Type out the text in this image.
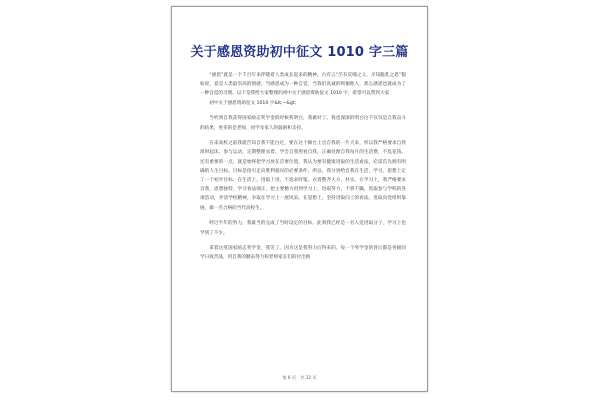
关于感恩资助初中征文 1010 字三篇

“感恩”就是一个千百年来伴随着人类成长起来的精神。古有云“羔有反哺之义，羊知跪乳之恩”假如说，爱是人类最崇高的情感，当感恩成为一种自觉，当我们真诚的鸣谢他人，那么感恩也就成为了一种自觉的习惯。以下是我给大家整理的初中关于感恩资助征文 1010 字，希望可以帮到大家

初中关于感恩资助征文 1010 字&lt;~&gt;

当听到自我获得国家励志奖学金的时候我明白，我做对了。我也深深的明白这不仅仅是自我奋斗的结果，更多的是老师，同学及家人的鼓励和支持。

在来高校之前我就告知自我不能白过，要在这个舞台上出自我的一片天来，所以我严格要求自我准时起床、参与运动，定期整理衣着、学会自我照看自我，正确处理自我每月的生活费，不乱花钱。还有重要的一点，就是始终把学习放在首要位置，我认为要有健康进取的生活看法，必需首先拥有明确的人生目标。目标是指引走向胜利彼岸的必要条件。所以，我分别给自我在生活，学习，思想上定了一个初步目标。在生活上，进取上进，不追求时髦，衣着整齐大方，朴实。在学习上，我严格要求自我，思想独特，学习看法端正，把主要精力用到学习上，进取努力，不骄不躁，进取参与学校的各项活动，弄清学校精神，争取在学习上一展风采。在思想上，坚持进取向上的看法，进取向党组织靠拢，做一名合格的当代高校生。

经过半年的努力，我最当的完成了当时设定的目标。此刻我已经是一名入党进取分子，学习上也学到了不少。

拿着这笔国家励志奖学金，我笑了，因为这是我努力后得来的。每一个奖学金的背后都是各级同学日夜苦战，用自我的勤奋努力和老师家长们的付出换

第 6 页　共 12 页
